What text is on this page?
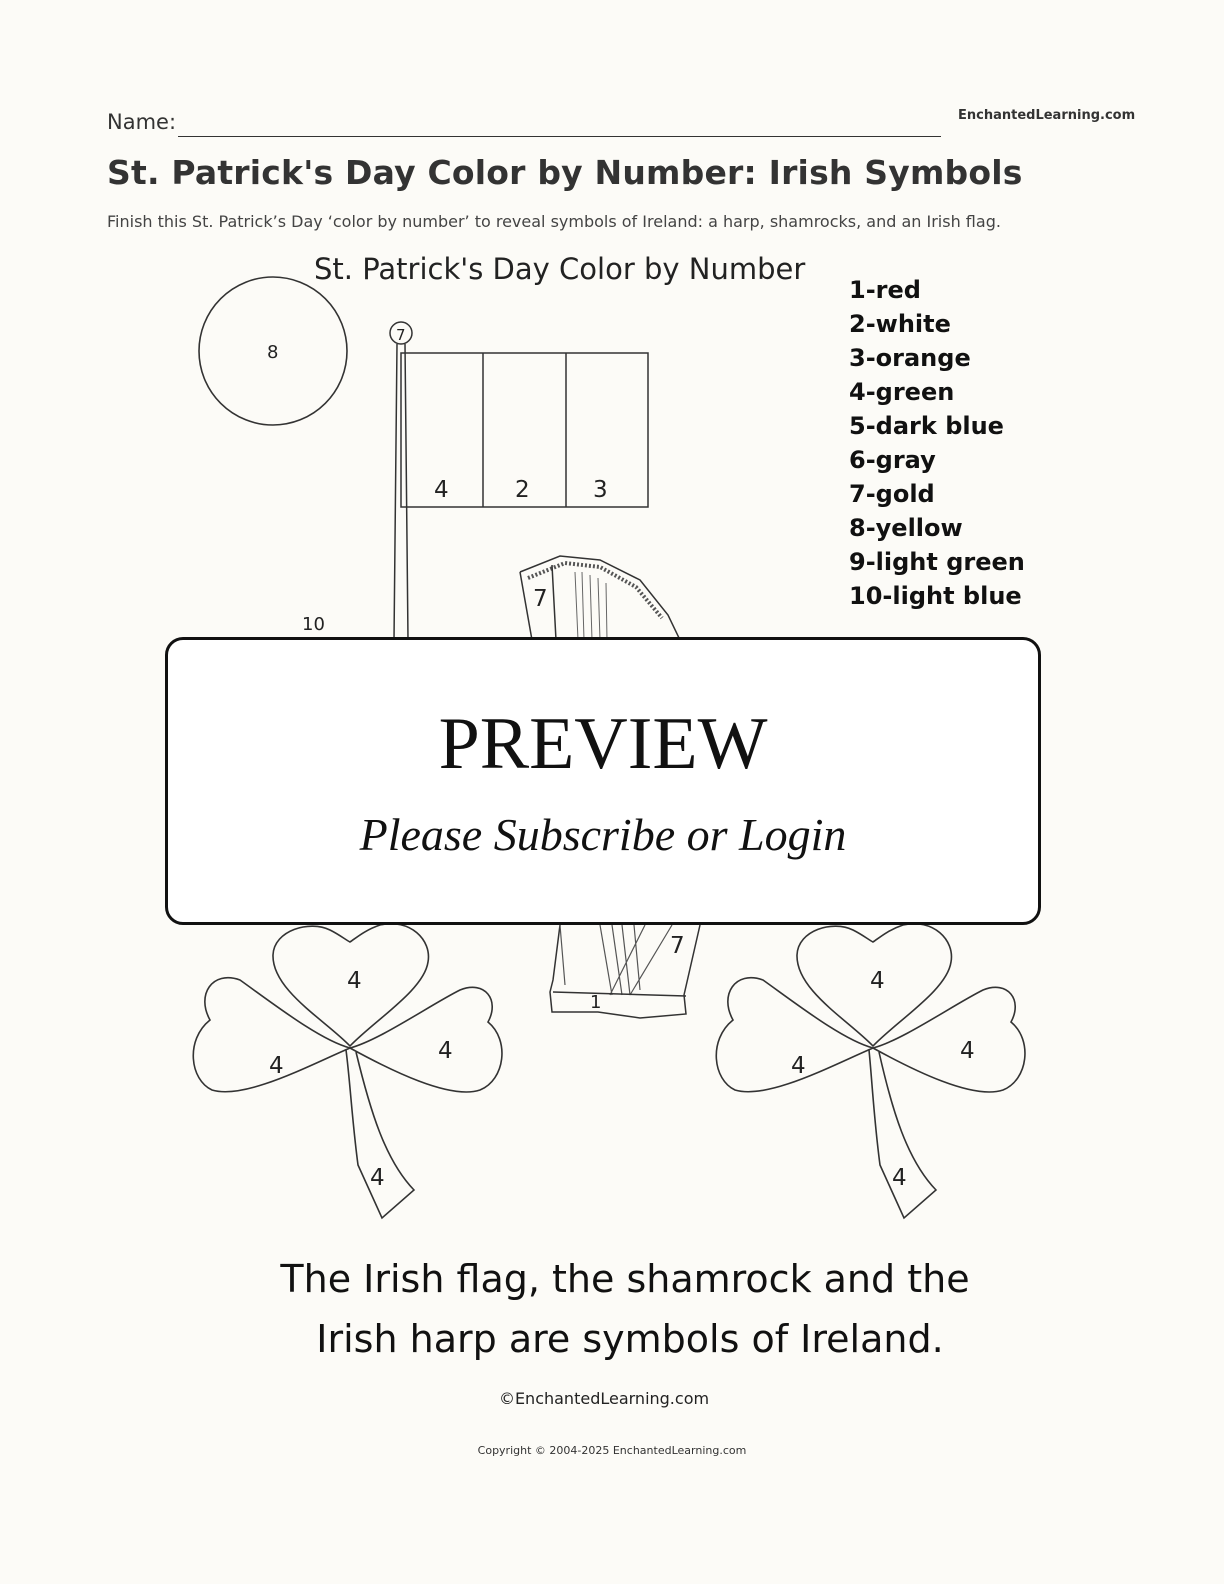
Name:	EnchantedLearning.com
St. Patrick's Day Color by Number: Irish Symbols
Finish this St. Patrick’s Day ‘color by number’ to reveal symbols of Ireland: a harp, shamrocks, and an Irish flag.
St. Patrick's Day Color by Number
1-red
2-white
3-orange
4-green
5-dark blue
6-gray
7-gold
8-yellow
9-light green
10-light blue
8
7
4	2	3
10
7
7
1
4
4
4
4
4
4
4
4
The Irish flag, the shamrock and the
Irish harp are symbols of Ireland.
©EnchantedLearning.com
PREVIEW
Please Subscribe or Login
Copyright © 2004-2025 EnchantedLearning.com
